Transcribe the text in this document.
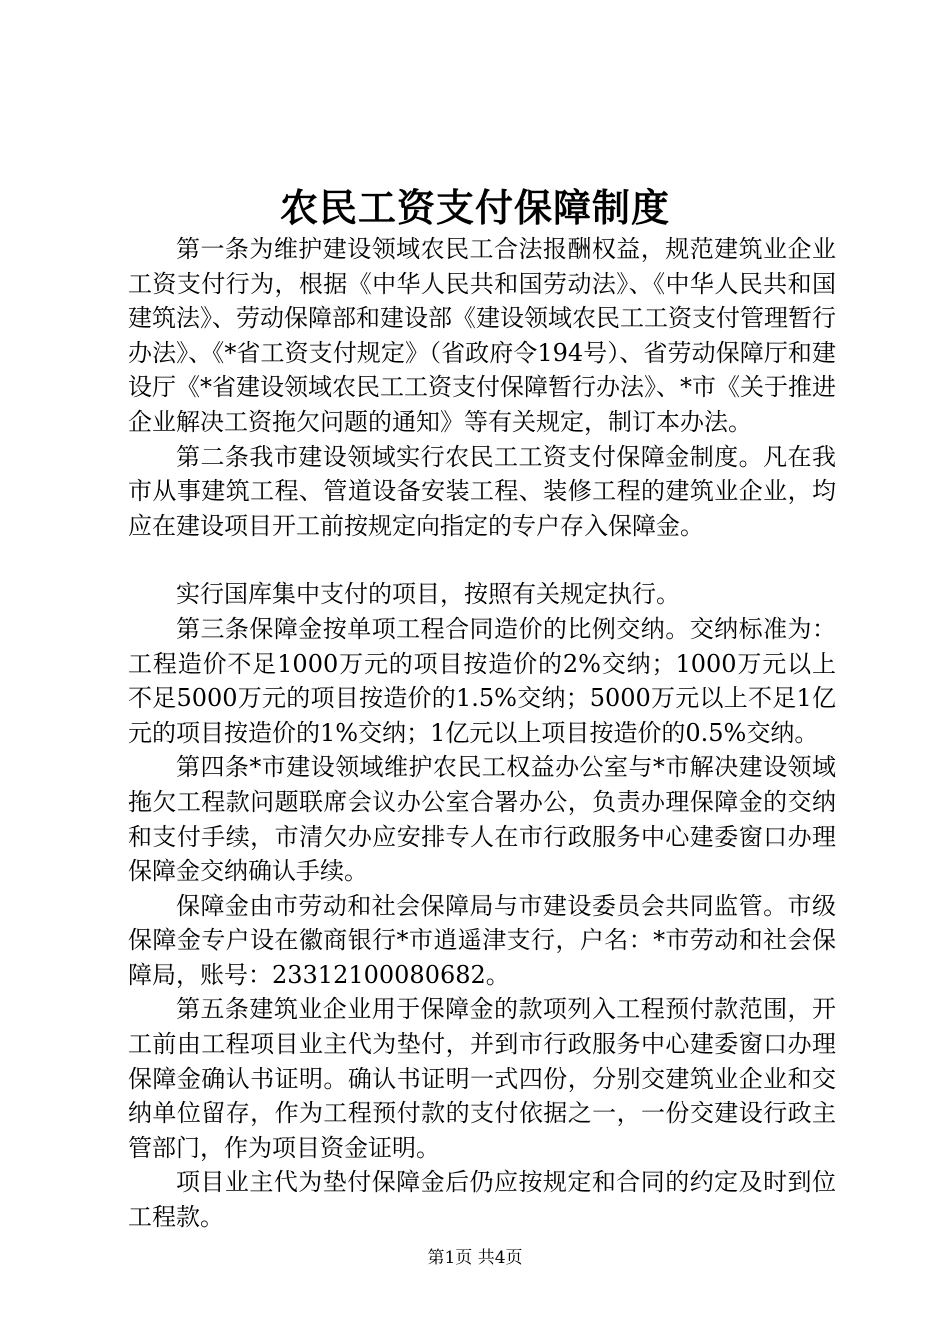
农民工资支付保障制度

第一条为维护建设领域农民工合法报酬权益，规范建筑业企业工资支付行为，根据《中华人民共和国劳动法》、《中华人民共和国建筑法》、劳动保障部和建设部《建设领域农民工工资支付管理暂行办法》、《*省工资支付规定》（省政府令194号）、省劳动保障厅和建设厅《*省建设领域农民工工资支付保障暂行办法》、*市《关于推进企业解决工资拖欠问题的通知》等有关规定，制订本办法。

第二条我市建设领域实行农民工工资支付保障金制度。凡在我市从事建筑工程、管道设备安装工程、装修工程的建筑业企业，均应在建设项目开工前按规定向指定的专户存入保障金。

实行国库集中支付的项目，按照有关规定执行。

第三条保障金按单项工程合同造价的比例交纳。交纳标准为：工程造价不足1000万元的项目按造价的2%交纳；1000万元以上不足5000万元的项目按造价的1.5%交纳；5000万元以上不足1亿元的项目按造价的1%交纳；1亿元以上项目按造价的0.5%交纳。

第四条*市建设领域维护农民工权益办公室与*市解决建设领域拖欠工程款问题联席会议办公室合署办公，负责办理保障金的交纳和支付手续，市清欠办应安排专人在市行政服务中心建委窗口办理保障金交纳确认手续。

保障金由市劳动和社会保障局与市建设委员会共同监管。市级保障金专户设在徽商银行*市逍遥津支行，户名：*市劳动和社会保障局，账号：23312100080682。

第五条建筑业企业用于保障金的款项列入工程预付款范围，开工前由工程项目业主代为垫付，并到市行政服务中心建委窗口办理保障金确认书证明。确认书证明一式四份，分别交建筑业企业和交纳单位留存，作为工程预付款的支付依据之一，一份交建设行政主管部门，作为项目资金证明。

项目业主代为垫付保障金后仍应按规定和合同的约定及时到位工程款。

第1页 共4页
